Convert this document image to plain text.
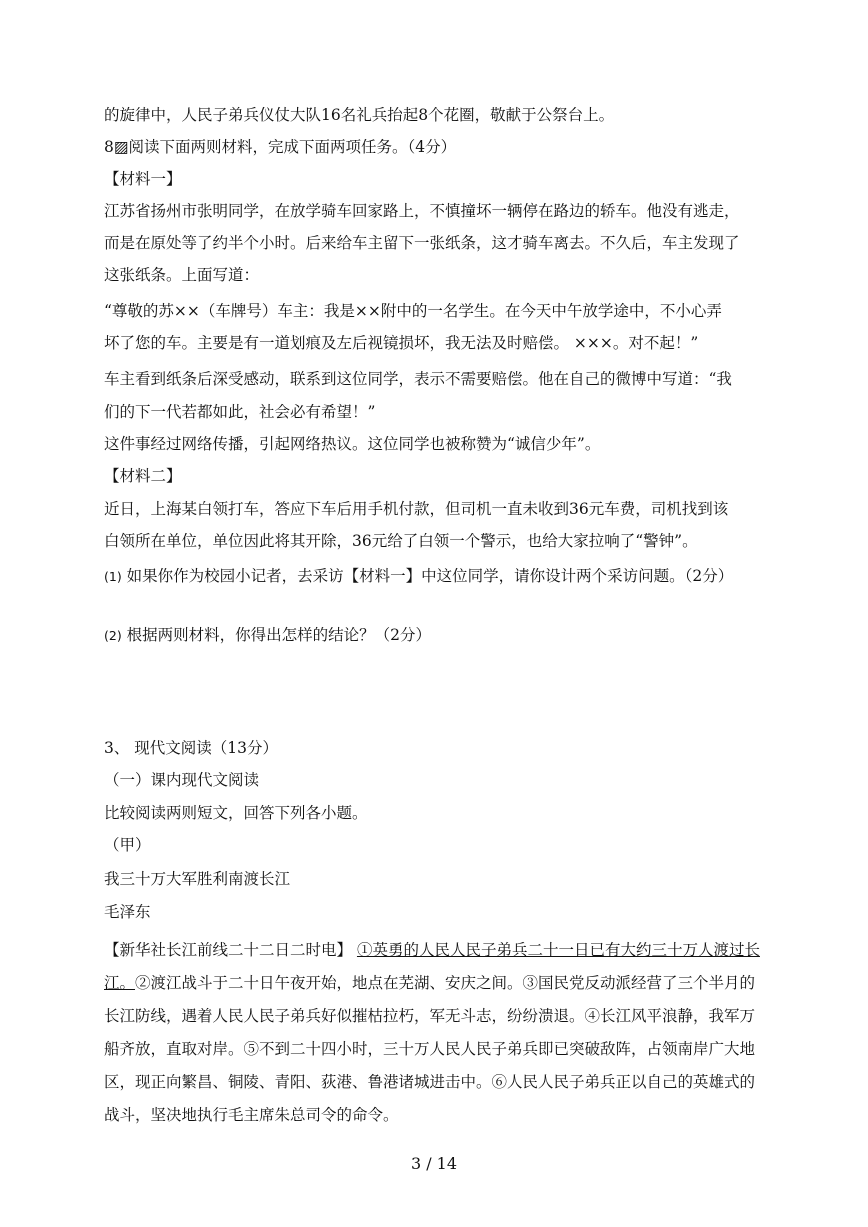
的旋律中，人民子弟兵仪仗大队16名礼兵抬起8个花圈，敬献于公祭台上。
8▨阅读下面两则材料，完成下面两项任务。（4分）
【材料一】
江苏省扬州市张明同学，在放学骑车回家路上，不慎撞坏一辆停在路边的轿车。他没有逃走，
而是在原处等了约半个小时。后来给车主留下一张纸条，这才骑车离去。不久后，车主发现了
这张纸条。上面写道：
“尊敬的苏××（车牌号）车主：我是××附中的一名学生。在今天中午放学途中，不小心弄
坏了您的车。主要是有一道划痕及左后视镜损坏，我无法及时赔偿。 ×××。对不起！”
车主看到纸条后深受感动，联系到这位同学，表示不需要赔偿。他在自己的微博中写道：“我
们的下一代若都如此，社会必有希望！”
这件事经过网络传播，引起网络热议。这位同学也被称赞为“诚信少年”。
【材料二】
近日，上海某白领打车，答应下车后用手机付款，但司机一直未收到36元车费，司机找到该
白领所在单位，单位因此将其开除，36元给了白领一个警示，也给大家拉响了“警钟”。
(1) 如果你作为校园小记者，去采访【材料一】中这位同学，请你设计两个采访问题。（2分）
(2) 根据两则材料，你得出怎样的结论？（2分）
3、 现代文阅读（13分）
（一）课内现代文阅读
比较阅读两则短文，回答下列各小题。
（甲）
我三十万大军胜利南渡长江
毛泽东
【新华社长江前线二十二日二时电】 ①英勇的人民人民子弟兵二十一日已有大约三十万人渡过长江。②渡江战斗于二十日午夜开始，地点在芜湖、安庆之间。③国民党反动派经营了三个半月的长江防线，遇着人民人民子弟兵好似摧枯拉朽，军无斗志，纷纷溃退。④长江风平浪静，我军万船齐放，直取对岸。⑤不到二十四小时，三十万人民人民子弟兵即已突破敌阵，占领南岸广大地区，现正向繁昌、铜陵、青阳、荻港、鲁港诸城进击中。⑥人民人民子弟兵正以自己的英雄式的战斗，坚决地执行毛主席朱总司令的命令。
3 / 14
